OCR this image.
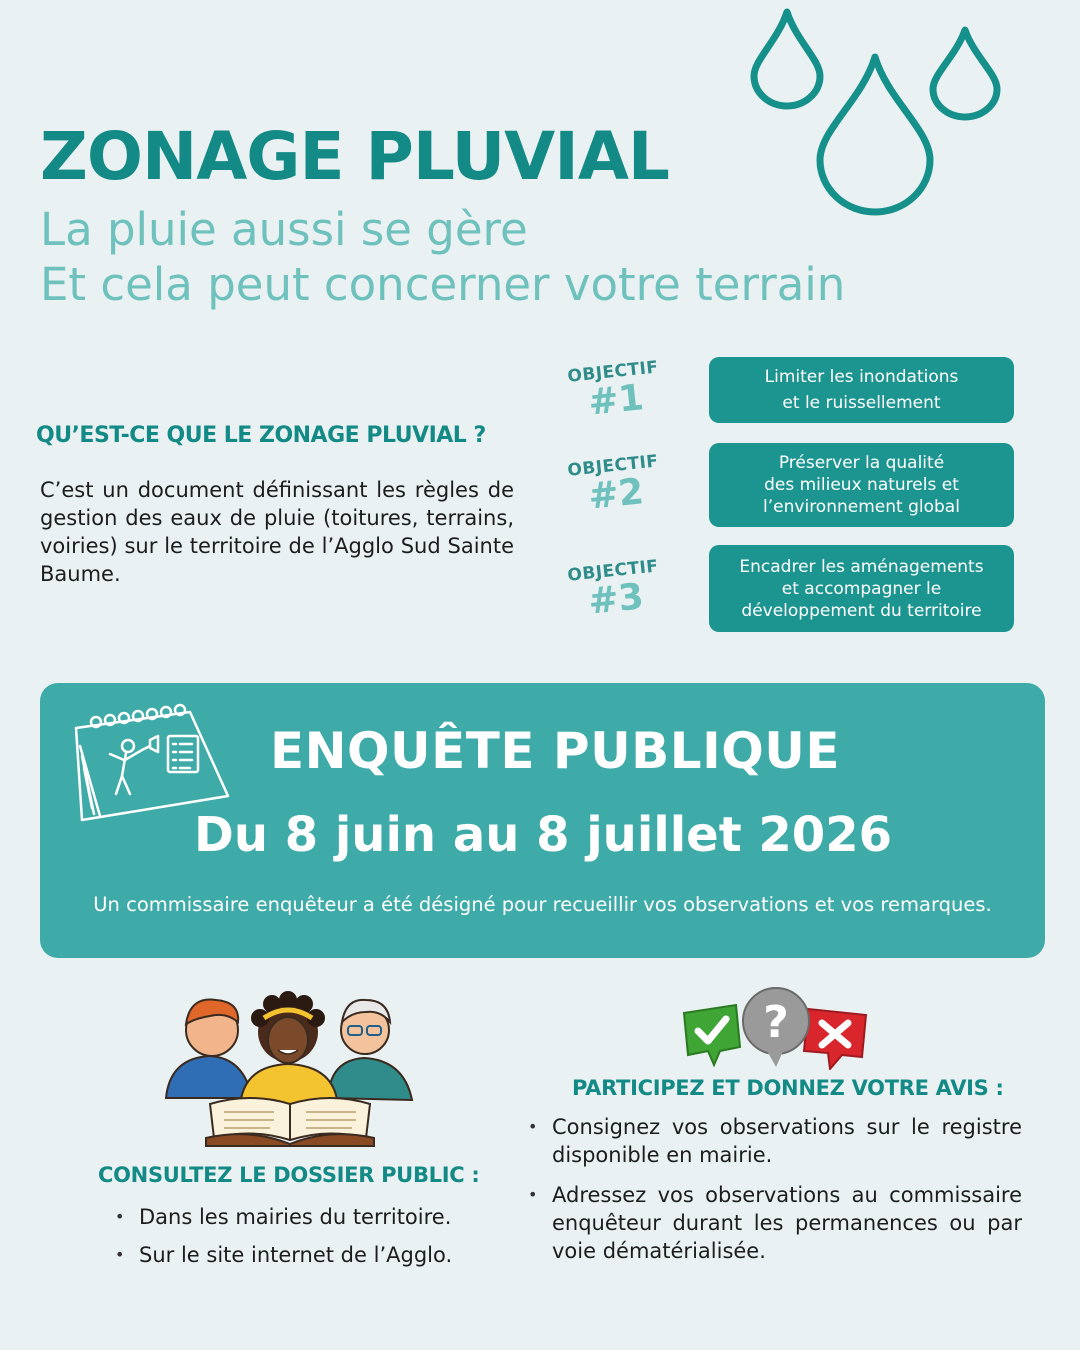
ZONAGE PLUVIAL
La pluie aussi se gère
Et cela peut concerner votre terrain
QU’EST-CE QUE LE ZONAGE PLUVIAL ?
C’est un document définissant les règles de gestion des eaux de pluie (toitures, terrains, voiries) sur le territoire de l’Agglo Sud Sainte Baume.
OBJECTIF
#1
Limiter les inondations
et le ruissellement
OBJECTIF
#2
Préserver la qualité
des milieux naturels et
l’environnement global
OBJECTIF
#3
Encadrer les aménagements
et accompagner le
développement du territoire
ENQUÊTE PUBLIQUE
Du 8 juin au 8 juillet 2026
Un commissaire enquêteur a été désigné pour recueillir vos observations et vos remarques.
?
CONSULTEZ LE DOSSIER PUBLIC :
• Dans les mairies du territoire.
• Sur le site internet de l’Agglo.
PARTICIPEZ ET DONNEZ VOTRE AVIS :
• Consignez vos observations sur le registre disponible en mairie.
• Adressez vos observations au commissaire enquêteur durant les permanences ou par voie dématérialisée.
